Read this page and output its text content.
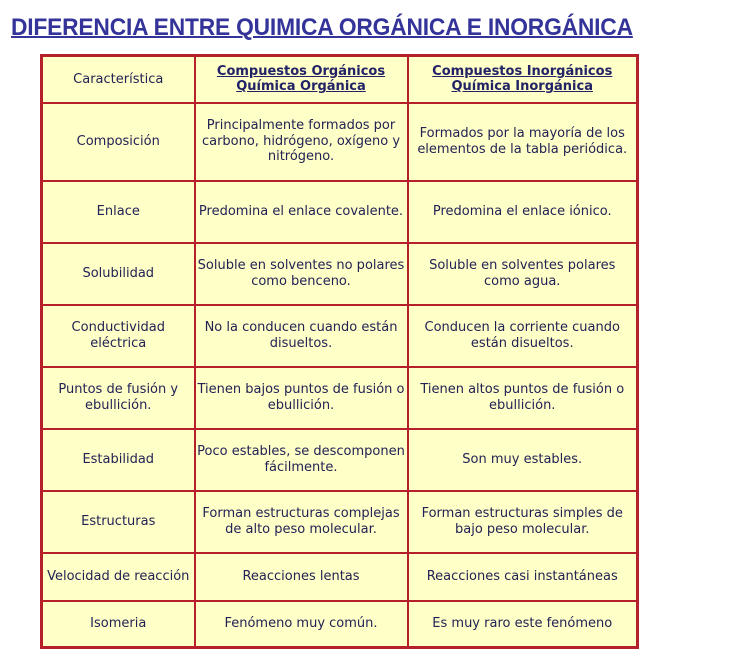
DIFERENCIA ENTRE QUIMICA ORGÁNICA E INORGÁNICA
Característica	Compuestos Orgánicos Química Orgánica	Compuestos Inorgánicos Química Inorgánica
Composición	Principalmente formados por carbono, hidrógeno, oxígeno y nitrógeno.	Formados por la mayoría de los elementos de la tabla periódica.
Enlace	Predomina el enlace covalente.	Predomina el enlace iónico.
Solubilidad	Soluble en solventes no polares como benceno.	Soluble en solventes polares como agua.
Conductividad eléctrica	No la conducen cuando están disueltos.	Conducen la corriente cuando están disueltos.
Puntos de fusión y ebullición.	Tienen bajos puntos de fusión o ebullición.	Tienen altos puntos de fusión o ebullición.
Estabilidad	Poco estables, se descomponen fácilmente.	Son muy estables.
Estructuras	Forman estructuras complejas de alto peso molecular.	Forman estructuras simples de bajo peso molecular.
Velocidad de reacción	Reacciones lentas	Reacciones casi instantáneas
Isomeria	Fenómeno muy común.	Es muy raro este fenómeno
